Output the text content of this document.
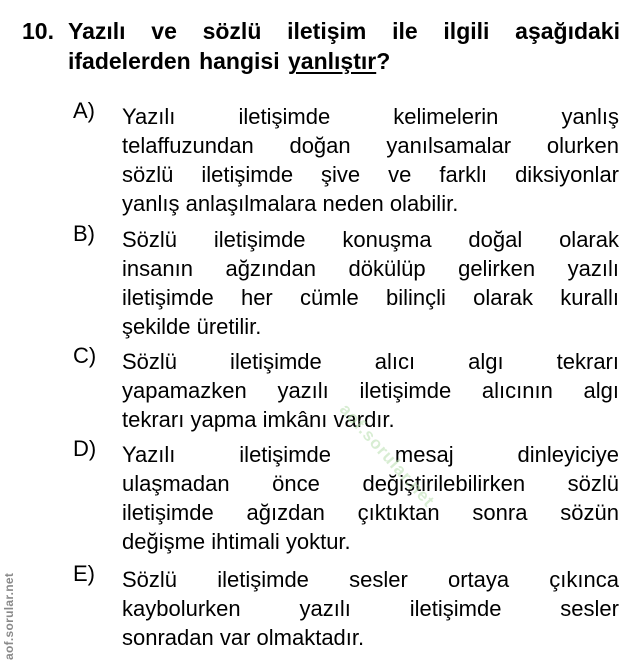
10. Yazılı ve sözlü iletişim ile ilgili aşağıdaki
ifadelerden hangisi yanlıştır?
A) Yazılı iletişimde kelimelerin yanlış
telaffuzundan doğan yanılsamalar olurken
sözlü iletişimde şive ve farklı diksiyonlar
yanlış anlaşılmalara neden olabilir.
B) Sözlü iletişimde konuşma doğal olarak
insanın ağzından dökülüp gelirken yazılı
iletişimde her cümle bilinçli olarak kurallı
şekilde üretilir.
C) Sözlü iletişimde alıcı algı tekrarı
yapamazken yazılı iletişimde alıcının algı
tekrarı yapma imkânı vardır.
D) Yazılı iletişimde mesaj dinleyiciye
ulaşmadan önce değiştirilebilirken sözlü
iletişimde ağızdan çıktıktan sonra sözün
değişme ihtimali yoktur.
E) Sözlü iletişimde sesler ortaya çıkınca
kaybolurken yazılı iletişimde sesler
sonradan var olmaktadır.
aof.sorular.net
aof.sorular.net
